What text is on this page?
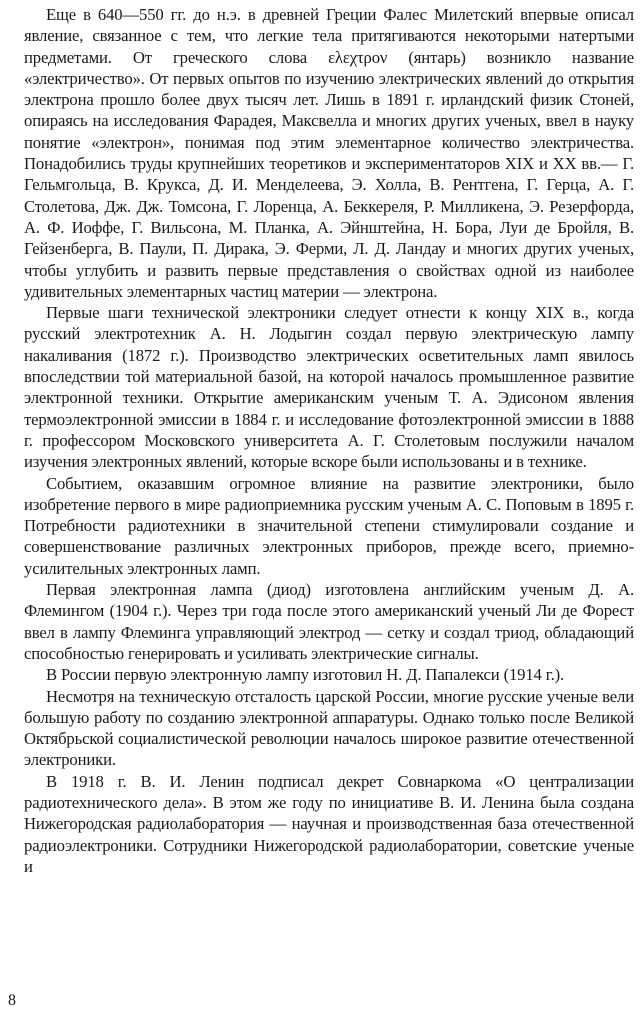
Еще в 640—550 гг. до н.э. в древней Греции Фалес Милетский впервые описал явление, связанное с тем, что легкие тела притягиваются некоторыми натертыми предметами. От греческого слова ελεχτρον (янтарь) возникло название «электричество». От первых опытов по изучению электрических явлений до открытия электрона прошло более двух тысяч лет. Лишь в 1891 г. ирландский физик Стоней, опираясь на исследования Фарадея, Максвелла и многих других ученых, ввел в науку понятие «электрон», понимая под этим элементарное количество электричества. Понадобились труды крупнейших теоретиков и экспериментаторов XIX и XX вв.— Г. Гельмгольца, В. Крукса, Д. И. Менделеева, Э. Холла, В. Рентгена, Г. Герца, А. Г. Столетова, Дж. Дж. Томсона, Г. Лоренца, А. Беккереля, Р. Милликена, Э. Резерфорда, А. Ф. Иоффе, Г. Вильсона, М. Планка, А. Эйнштейна, Н. Бора, Луи де Бройля, В. Гейзенберга, В. Паули, П. Дирака, Э. Ферми, Л. Д. Ландау и многих других ученых, чтобы углубить и развить первые представления о свойствах одной из наиболее удивительных элементарных частиц материи — электрона.

Первые шаги технической электроники следует отнести к концу XIX в., когда русский электротехник А. Н. Лодыгин создал первую электрическую лампу накаливания (1872 г.). Производство электрических осветительных ламп явилось впоследствии той материальной базой, на которой началось промышленное развитие электронной техники. Открытие американским ученым Т. А. Эдисоном явления термоэлектронной эмиссии в 1884 г. и исследование фотоэлектронной эмиссии в 1888 г. профессором Московского университета А. Г. Столетовым послужили началом изучения электронных явлений, которые вскоре были использованы и в технике.

Событием, оказавшим огромное влияние на развитие электроники, было изобретение первого в мире радиоприемника русским ученым А. С. Поповым в 1895 г. Потребности радиотехники в значительной степени стимулировали создание и совершенствование различных электронных приборов, прежде всего, приемно-усилительных электронных ламп.

Первая электронная лампа (диод) изготовлена английским ученым Д. А. Флемингом (1904 г.). Через три года после этого американский ученый Ли де Форест ввел в лампу Флеминга управляющий электрод — сетку и создал триод, обладающий способностью генерировать и усиливать электрические сигналы.

В России первую электронную лампу изготовил Н. Д. Папалекси (1914 г.).

Несмотря на техническую отсталость царской России, многие русские ученые вели большую работу по созданию электронной аппаратуры. Однако только после Великой Октябрьской социалистической революции началось широкое развитие отечественной электроники.

В 1918 г. В. И. Ленин подписал декрет Совнаркома «О централизации радиотехнического дела». В этом же году по инициативе В. И. Ленина была создана Нижегородская радиолаборатория — научная и производственная база отечественной радиоэлектроники. Сотрудники Нижегородской радиолаборатории, советские ученые и

8
